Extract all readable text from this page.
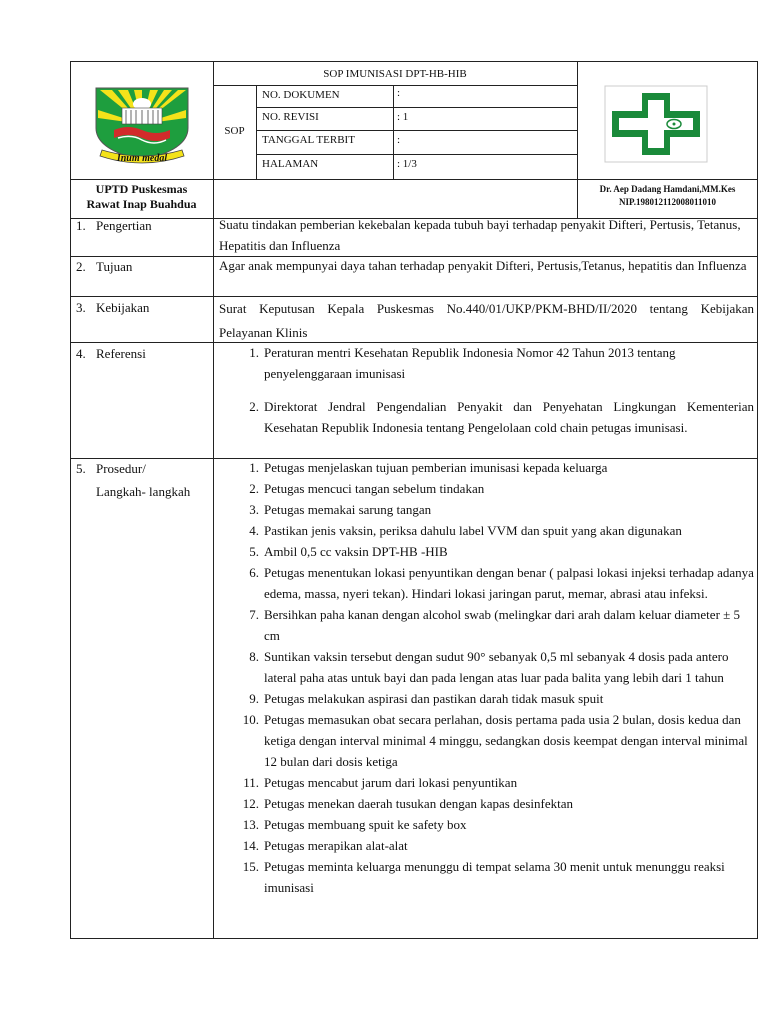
SOP IMUNISASI DPT-HB-HIB
SOP
NO. DOKUMEN	:
NO. REVISI	: 1
TANGGAL TERBIT	:
HALAMAN	: 1/3
Inum medal
UPTD Puskesmas
Rawat Inap Buahdua
Dr. Aep Dadang Hamdani,MM.Kes
NIP.198012112008011010
1. Pengertian	Suatu tindakan pemberian kekebalan kepada tubuh bayi terhadap penyakit Difteri, Pertusis, Tetanus, Hepatitis dan Influenza
2. Tujuan	Agar anak mempunyai daya tahan terhadap penyakit Difteri, Pertusis,Tetanus, hepatitis dan Influenza
3. Kebijakan	Surat Keputusan Kepala Puskesmas No.440/01/UKP/PKM-BHD/II/2020 tentang Kebijakan Pelayanan Klinis
4. Referensi	1. Peraturan mentri Kesehatan Republik Indonesia Nomor 42 Tahun 2013 tentang penyelenggaraan imunisasi
2. Direktorat Jendral Pengendalian Penyakit dan Penyehatan Lingkungan Kementerian Kesehatan Republik Indonesia tentang Pengelolaan cold chain petugas imunisasi.
5. Prosedur/
Langkah- langkah
1. Petugas menjelaskan tujuan pemberian imunisasi kepada keluarga
2. Petugas mencuci tangan sebelum tindakan
3. Petugas memakai sarung tangan
4. Pastikan jenis vaksin, periksa dahulu label VVM dan spuit yang akan digunakan
5. Ambil 0,5 cc vaksin DPT-HB -HIB
6. Petugas menentukan lokasi penyuntikan dengan benar ( palpasi lokasi injeksi terhadap adanya edema, massa, nyeri tekan). Hindari lokasi jaringan parut, memar, abrasi atau infeksi.
7. Bersihkan paha kanan dengan alcohol swab (melingkar dari arah dalam keluar diameter ± 5 cm
8. Suntikan vaksin tersebut dengan sudut 90° sebanyak 0,5 ml sebanyak 4 dosis pada antero lateral paha atas untuk bayi dan pada lengan atas luar pada balita yang lebih dari 1 tahun
9. Petugas melakukan aspirasi dan pastikan darah tidak masuk spuit
10. Petugas memasukan obat secara perlahan, dosis pertama pada usia 2 bulan, dosis kedua dan ketiga dengan interval minimal 4 minggu, sedangkan dosis keempat dengan interval minimal 12 bulan dari dosis ketiga
11. Petugas mencabut jarum dari lokasi penyuntikan
12. Petugas menekan daerah tusukan dengan kapas desinfektan
13. Petugas membuang spuit ke safety box
14. Petugas merapikan alat-alat
15. Petugas meminta keluarga menunggu di tempat selama 30 menit untuk menunggu reaksi imunisasi
